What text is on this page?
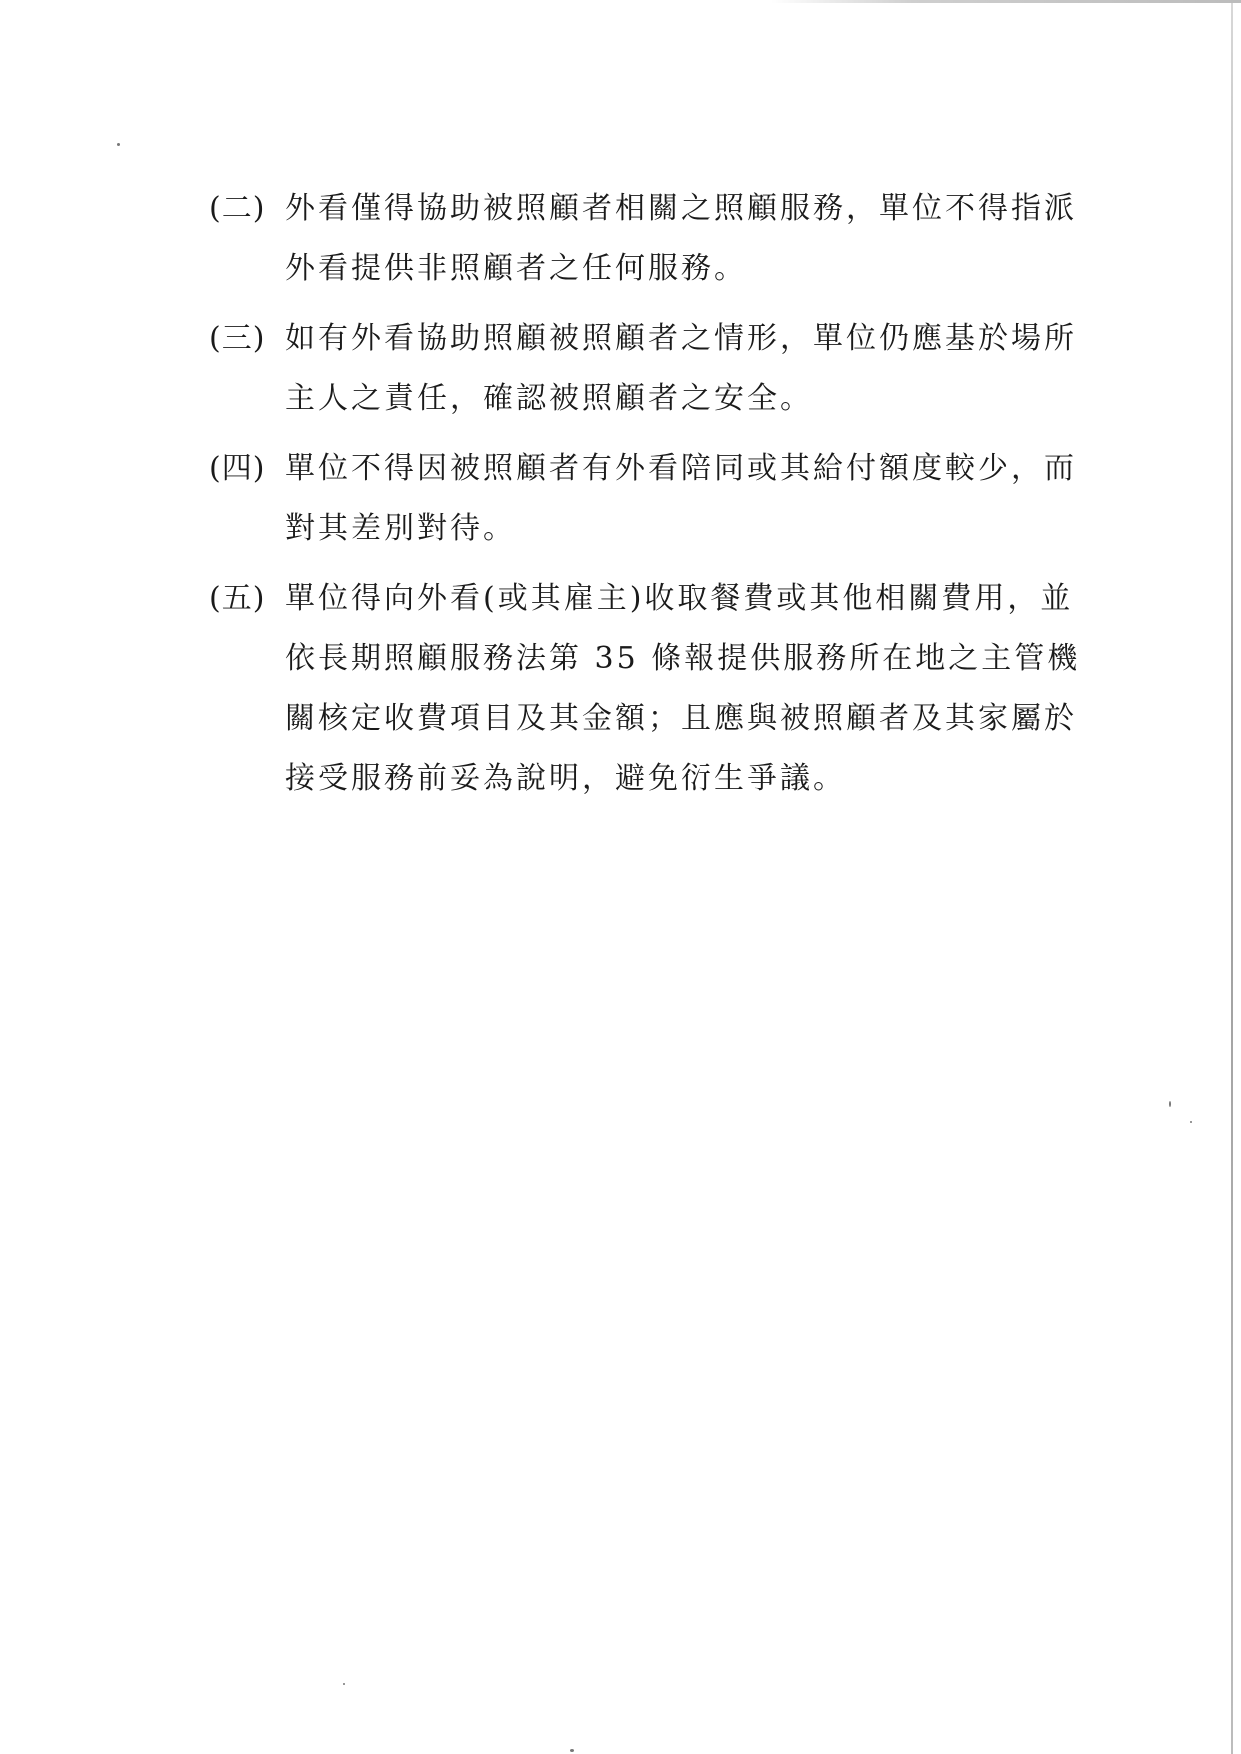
(二) 外看僅得協助被照顧者相關之照顧服務，單位不得指派
外看提供非照顧者之任何服務。
(三) 如有外看協助照顧被照顧者之情形，單位仍應基於場所
主人之責任，確認被照顧者之安全。
(四) 單位不得因被照顧者有外看陪同或其給付額度較少，而
對其差別對待。
(五) 單位得向外看(或其雇主)收取餐費或其他相關費用，並
依長期照顧服務法第 35 條報提供服務所在地之主管機
關核定收費項目及其金額；且應與被照顧者及其家屬於
接受服務前妥為說明，避免衍生爭議。
